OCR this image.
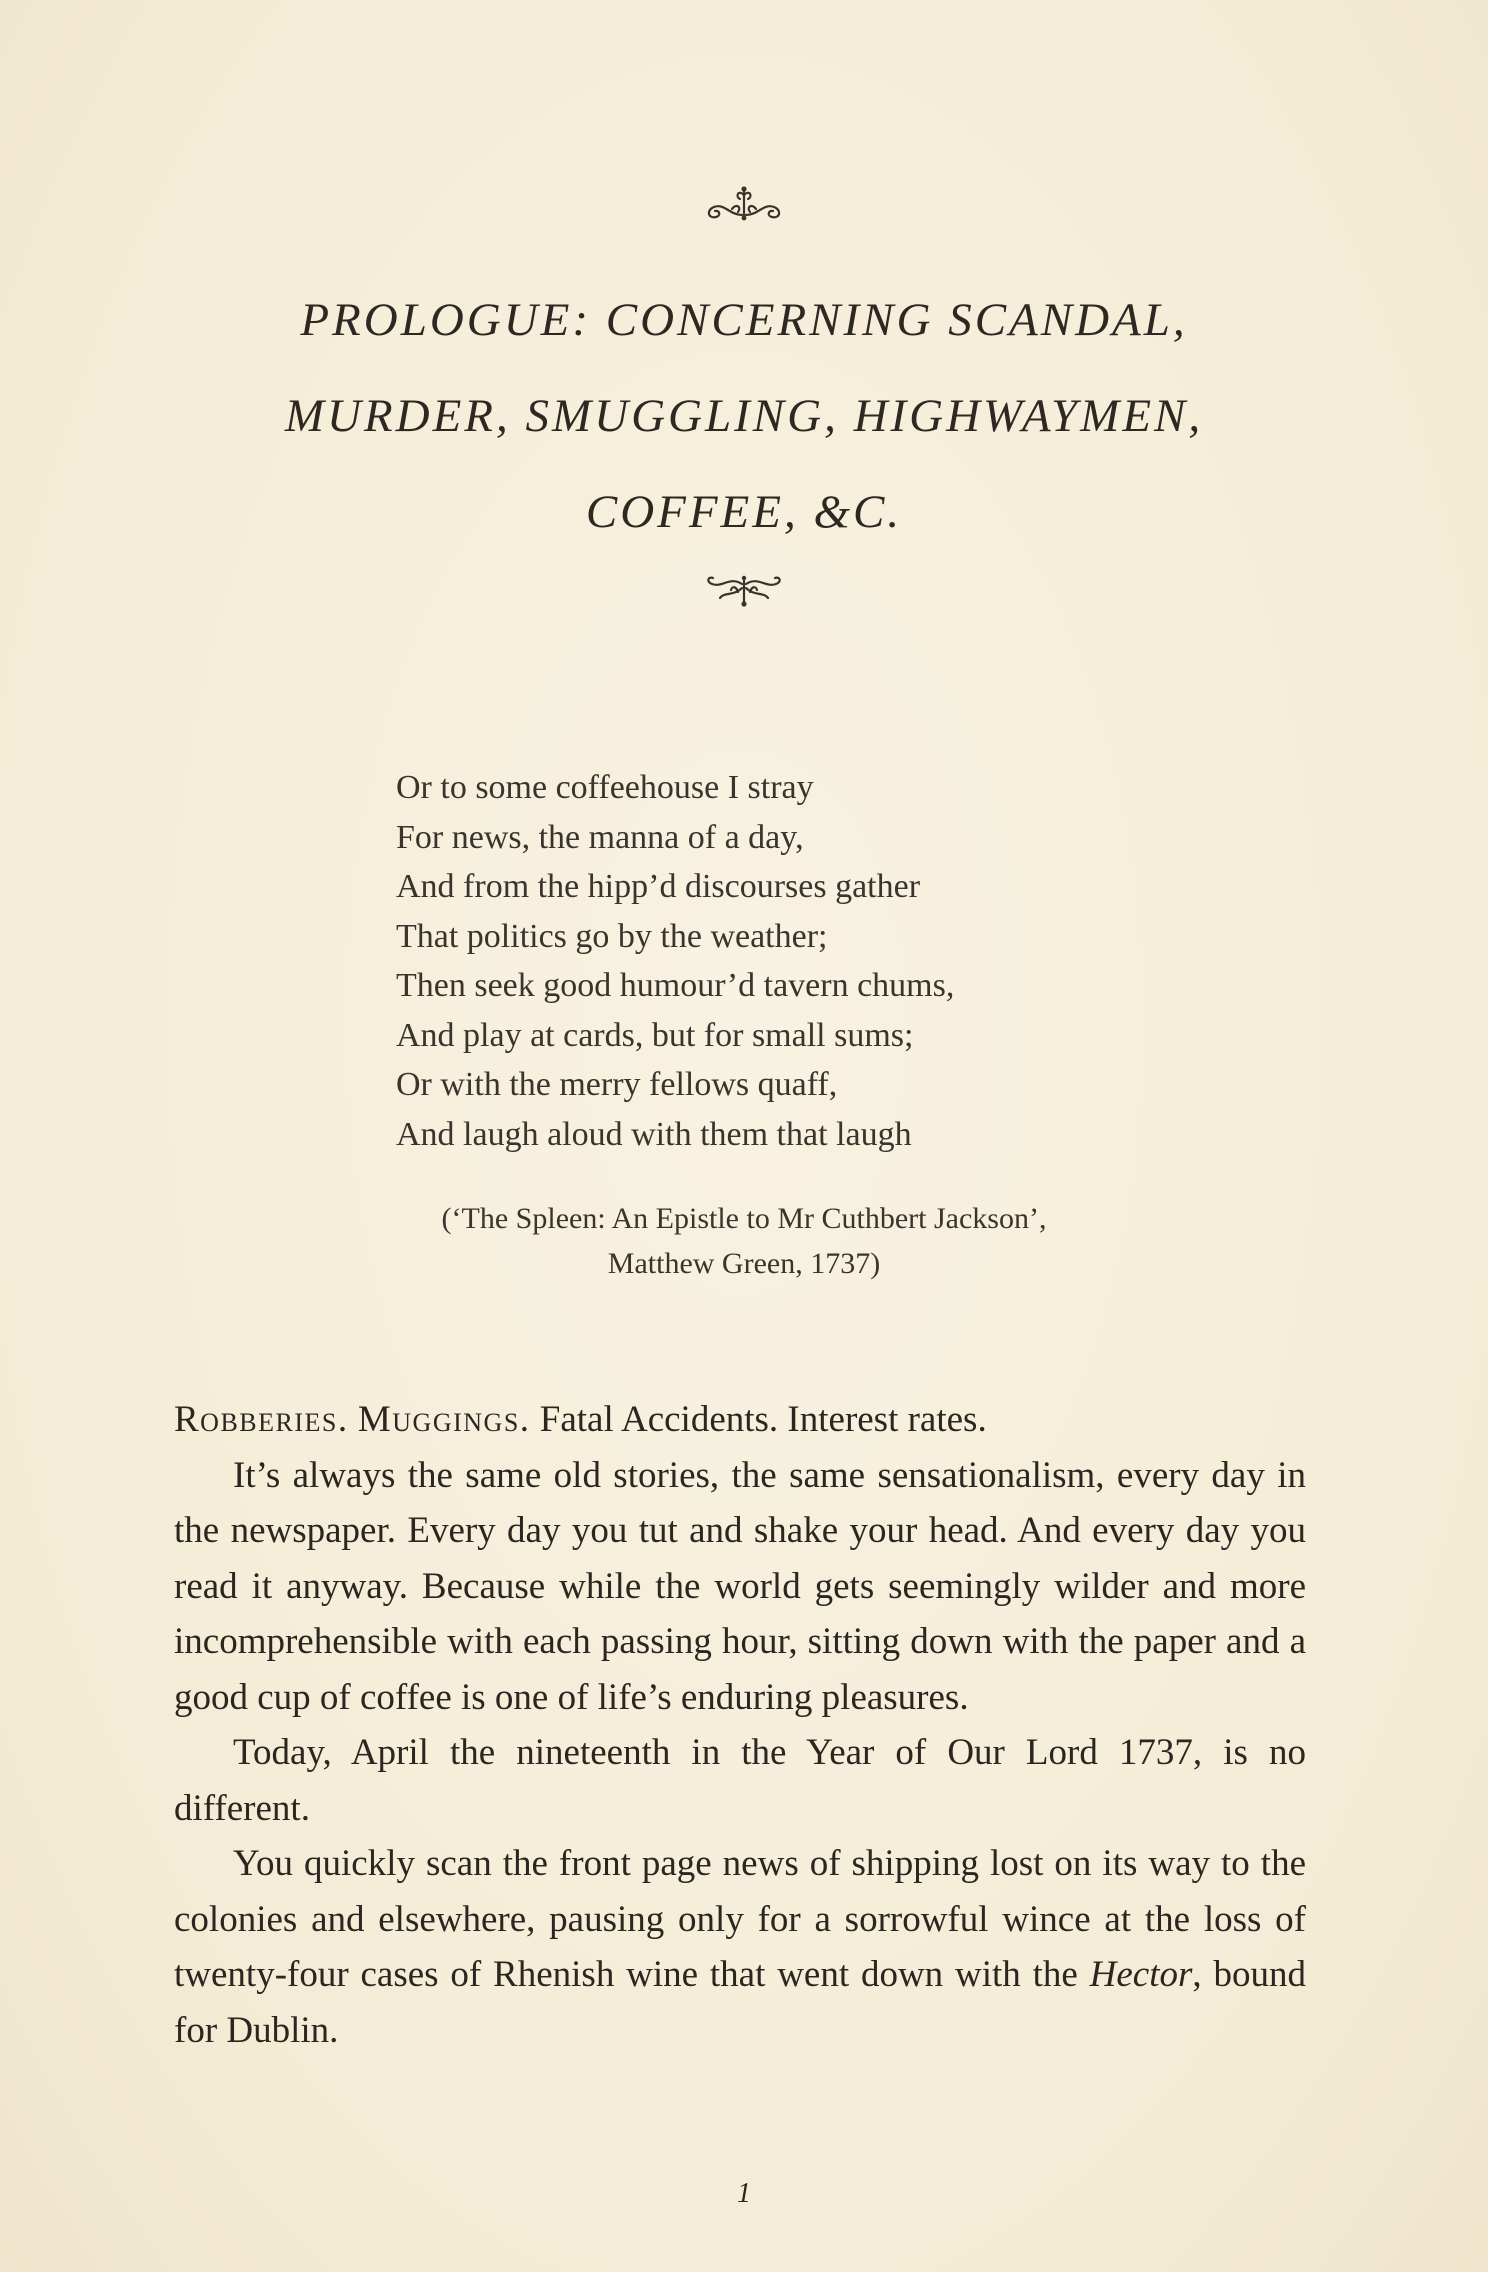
PROLOGUE: CONCERNING SCANDAL,
MURDER, SMUGGLING, HIGHWAYMEN,
COFFEE, &C.
Or to some coffeehouse I stray
For news, the manna of a day,
And from the hipp’d discourses gather
That politics go by the weather;
Then seek good humour’d tavern chums,
And play at cards, but for small sums;
Or with the merry fellows quaff,
And laugh aloud with them that laugh
(‘The Spleen: An Epistle to Mr Cuthbert Jackson’,
Matthew Green, 1737)

Robberies. Muggings. Fatal Accidents. Interest rates.

It’s always the same old stories, the same sensationalism, every day in the newspaper. Every day you tut and shake your head. And every day you read it anyway. Because while the world gets seemingly wilder and more incomprehensible with each passing hour, sitting down with the paper and a good cup of coffee is one of life’s enduring pleasures.

Today, April the nineteenth in the Year of Our Lord 1737, is no different.

You quickly scan the front page news of shipping lost on its way to the colonies and elsewhere, pausing only for a sorrowful wince at the loss of twenty-four cases of Rhenish wine that went down with the Hector, bound for Dublin.

1
